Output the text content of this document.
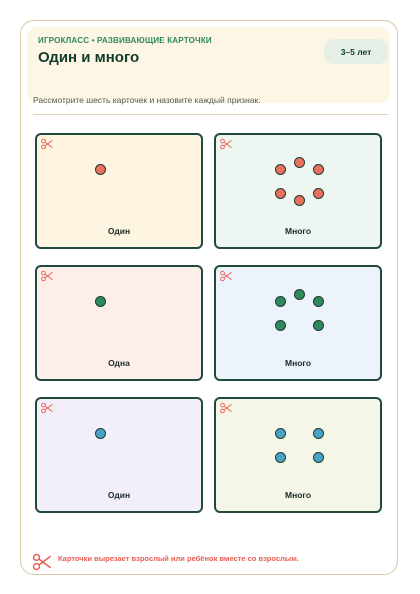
ИГРОКЛАСС • РАЗВИВАЮЩИЕ КАРТОЧКИ
Один и много	3–5 лет
Рассмотрите шесть карточек и назовите каждый признак.
Один	Много
Одна	Много
Один	Много
Карточки вырезает взрослый или ребёнок вместе со взрослым.
